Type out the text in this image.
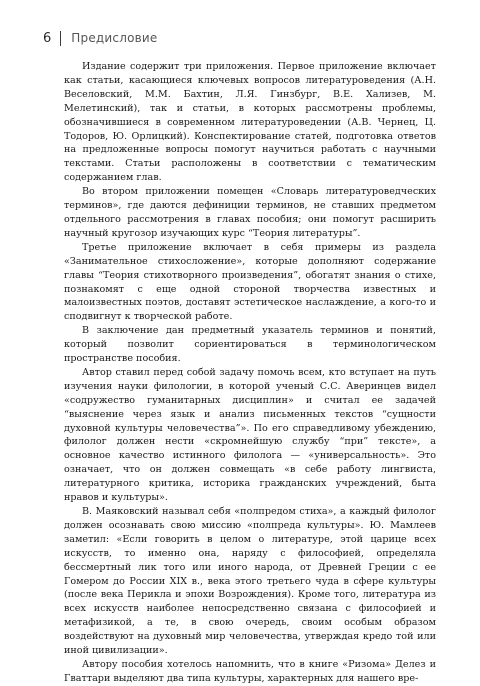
6 Предисловие

Издание содержит три приложения. Первое приложение включает как статьи, касающиеся ключевых вопросов литературоведения (А.Н. Веселовский, М.М. Бахтин, Л.Я. Гинзбург, В.Е. Хализев, М. Мелетинский), так и статьи, в которых рассмотрены проблемы, обозначившиеся в современном литературоведении (А.В. Чернец, Ц. Тодоров, Ю. Орлицкий). Конспектирование статей, подготовка ответов на предложенные вопросы помогут научиться работать с научными текстами. Статьи расположены в соответствии с тематическим содержанием глав.

Во втором приложении помещен «Словарь литературоведческих терминов», где даются дефиниции терминов, не ставших предметом отдельного рассмотрения в главах пособия; они помогут расширить научный кругозор изучающих курс “Теория литературы”.

Третье приложение включает в себя примеры из раздела «Занимательное стихосложение», которые дополняют содержание главы “Теория стихотворного произведения”, обогатят знания о стихе, познакомят с еще одной стороной творчества известных и малоизвестных поэтов, доставят эстетическое наслаждение, а кого-то и сподвигнут к творческой работе.

В заключение дан предметный указатель терминов и понятий, который позволит сориентироваться в терминологическом пространстве пособия.

Автор ставил перед собой задачу помочь всем, кто вступает на путь изучения науки филологии, в которой ученый С.С. Аверинцев видел «содружество гуманитарных дисциплин» и считал ее задачей “выяснение через язык и анализ письменных текстов “сущности духовной культуры человечества”». По его справедливому убеждению, филолог должен нести «скромнейшую службу “при” тексте», а основное качество истинного филолога — «универсальность». Это означает, что он должен совмещать «в себе работу лингвиста, литературного критика, историка гражданских учреждений, быта нравов и культуры».

В. Маяковский называл себя «полпредом стиха», а каждый филолог должен осознавать свою миссию «полпреда культуры». Ю. Мамлеев заметил: «Если говорить в целом о литературе, этой царице всех искусств, то именно она, наряду с философией, определяла бессмертный лик того или иного народа, от Древней Греции с ее Гомером до России XIX в., века этого третьего чуда в сфере культуры (после века Перикла и эпохи Возрождения). Кроме того, литература из всех искусств наиболее непосредственно связана с философией и метафизикой, а те, в свою очередь, своим особым образом воздействуют на духовный мир человечества, утверждая кредо той или иной цивилизации».

Автору пособия хотелось напомнить, что в книге «Ризома» Делез и Гваттари выделяют два типа культуры, характерных для нашего вре-
